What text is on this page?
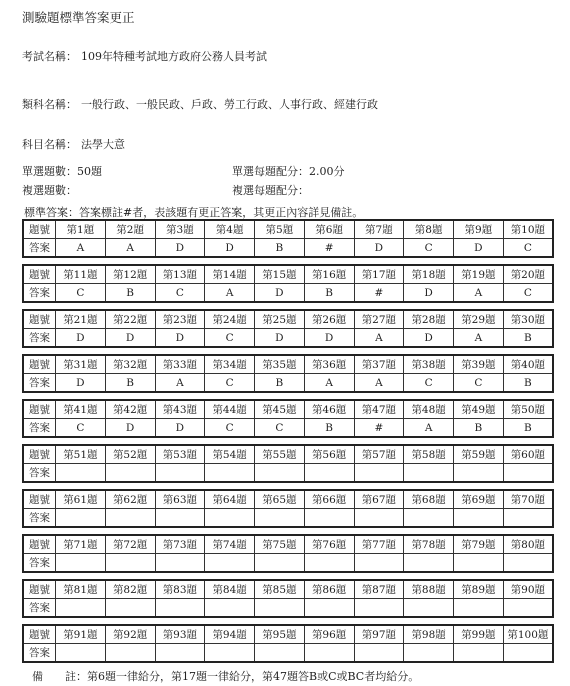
測驗題標準答案更正
考試名稱： 109年特種考試地方政府公務人員考試
類科名稱： 一般行政、一般民政、戶政、勞工行政、人事行政、經建行政
科目名稱： 法學大意
單選題數：50題	單選每題配分：2.00分
複選題數：	複選每題配分：
標準答案：答案標註#者，表該題有更正答案，其更正內容詳見備註。
題號	第1題	第2題	第3題	第4題	第5題	第6題	第7題	第8題	第9題	第10題
答案	A	A	D	D	B	#	D	C	D	C
題號	第11題	第12題	第13題	第14題	第15題	第16題	第17題	第18題	第19題	第20題
答案	C	B	C	A	D	B	#	D	A	C
題號	第21題	第22題	第23題	第24題	第25題	第26題	第27題	第28題	第29題	第30題
答案	D	D	D	C	D	D	A	D	A	B
題號	第31題	第32題	第33題	第34題	第35題	第36題	第37題	第38題	第39題	第40題
答案	D	B	A	C	B	A	A	C	C	B
題號	第41題	第42題	第43題	第44題	第45題	第46題	第47題	第48題	第49題	第50題
答案	C	D	D	C	C	B	#	A	B	B
題號	第51題	第52題	第53題	第54題	第55題	第56題	第57題	第58題	第59題	第60題
答案										
題號	第61題	第62題	第63題	第64題	第65題	第66題	第67題	第68題	第69題	第70題
答案										
題號	第71題	第72題	第73題	第74題	第75題	第76題	第77題	第78題	第79題	第80題
答案										
題號	第81題	第82題	第83題	第84題	第85題	第86題	第87題	第88題	第89題	第90題
答案										
題號	第91題	第92題	第93題	第94題	第95題	第96題	第97題	第98題	第99題	第100題
答案										
備　　註：第6題一律給分，第17題一律給分，第47題答B或C或BC者均給分。
